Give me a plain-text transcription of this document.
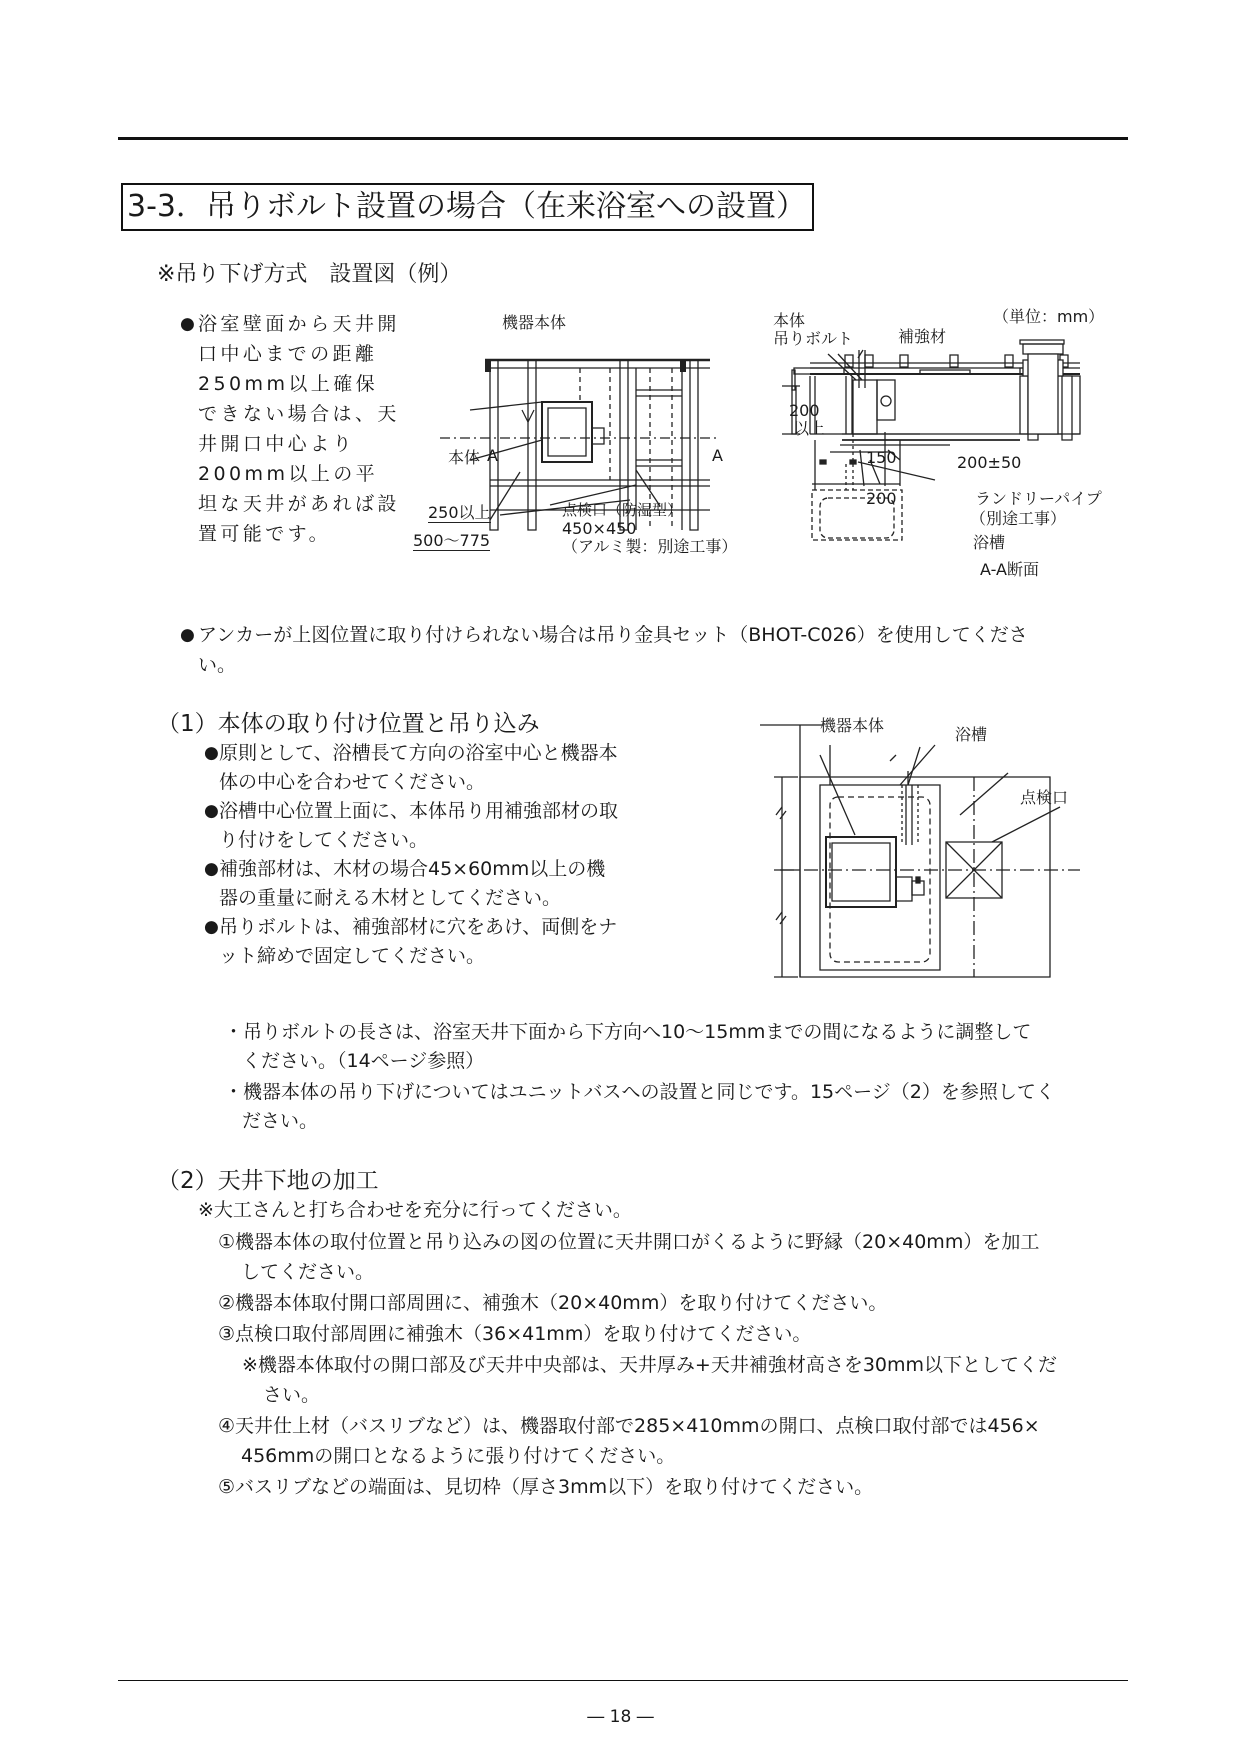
3-3．吊りボルト設置の場合（在来浴室への設置）
※吊り下げ方式　設置図（例）
● 浴室壁面から天井開
口中心までの距離
250mm以上確保
できない場合は、天
井開口中心より
200mm以上の平
坦な天井があれば設
置可能です。
機器本体
本体 A	A
250以上
500〜775
点検口（防湿型）
450×450
（アルミ製：別途工事）
（単位：mm）
本体
吊りボルト	補強材
200
以上
150	200±50
200	ランドリーパイプ
（別途工事）
浴槽
A-A断面
● アンカーが上図位置に取り付けられない場合は吊り金具セット（BHOT-C026）を使用してくださ
い。
（1）本体の取り付け位置と吊り込み
● 原則として、浴槽長て方向の浴室中心と機器本
体の中心を合わせてください。
● 浴槽中心位置上面に、本体吊り用補強部材の取
り付けをしてください。
● 補強部材は、木材の場合45×60mm以上の機
器の重量に耐える木材としてください。
● 吊りボルトは、補強部材に穴をあけ、両側をナ
ット締めで固定してください。
機器本体	浴槽
点検口
・吊りボルトの長さは、浴室天井下面から下方向へ10〜15mmまでの間になるように調整して
ください。（14ページ参照）
・機器本体の吊り下げについてはユニットバスへの設置と同じです。15ページ（2）を参照してく
ださい。
（2）天井下地の加工
※大工さんと打ち合わせを充分に行ってください。
①機器本体の取付位置と吊り込みの図の位置に天井開口がくるように野縁（20×40mm）を加工
してください。
②機器本体取付開口部周囲に、補強木（20×40mm）を取り付けてください。
③点検口取付部周囲に補強木（36×41mm）を取り付けてください。
※機器本体取付の開口部及び天井中央部は、天井厚み+天井補強材高さを30mm以下としてくだ
さい。
④天井仕上材（バスリブなど）は、機器取付部で285×410mmの開口、点検口取付部では456×
456mmの開口となるように張り付けてください。
⑤バスリブなどの端面は、見切枠（厚さ3mm以下）を取り付けてください。
― 18 ―
